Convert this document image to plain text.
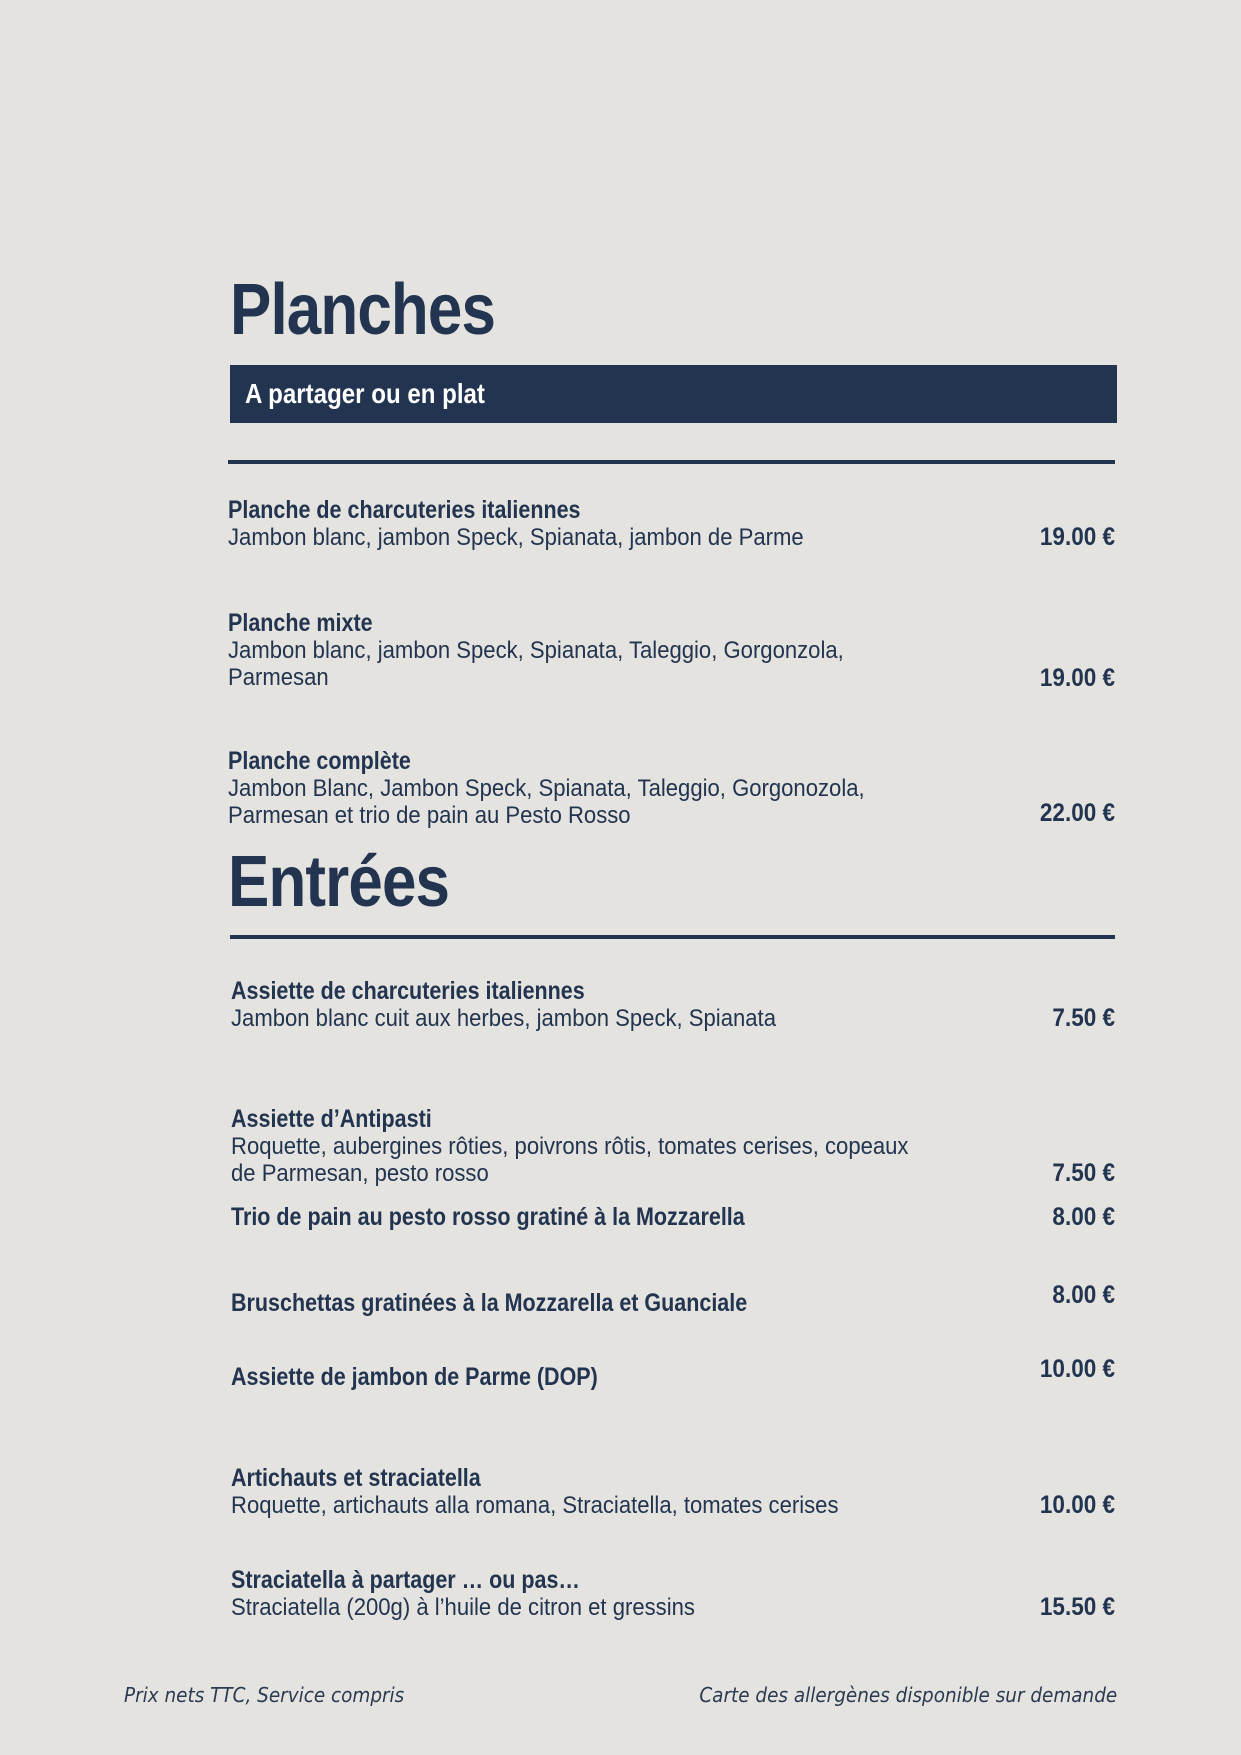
Planches
A partager ou en plat
Planche de charcuteries italiennes
Jambon blanc, jambon Speck, Spianata, jambon de Parme	19.00 €
Planche mixte
Jambon blanc, jambon Speck, Spianata, Taleggio, Gorgonzola, Parmesan	19.00 €
Planche complète
Jambon Blanc, Jambon Speck, Spianata, Taleggio, Gorgonozola, Parmesan et trio de pain au Pesto Rosso	22.00 €
Entrées
Assiette de charcuteries italiennes
Jambon blanc cuit aux herbes, jambon Speck, Spianata	7.50 €
Assiette d’Antipasti
Roquette, aubergines rôties, poivrons rôtis, tomates cerises, copeaux de Parmesan, pesto rosso	7.50 €
Trio de pain au pesto rosso gratiné à la Mozzarella	8.00 €
Bruschettas gratinées à la Mozzarella et Guanciale	8.00 €
Assiette de jambon de Parme (DOP)	10.00 €
Artichauts et straciatella
Roquette, artichauts alla romana, Straciatella, tomates cerises	10.00 €
Straciatella à partager … ou pas…
Straciatella (200g) à l’huile de citron et gressins	15.50 €
Prix nets TTC, Service compris	Carte des allergènes disponible sur demande
